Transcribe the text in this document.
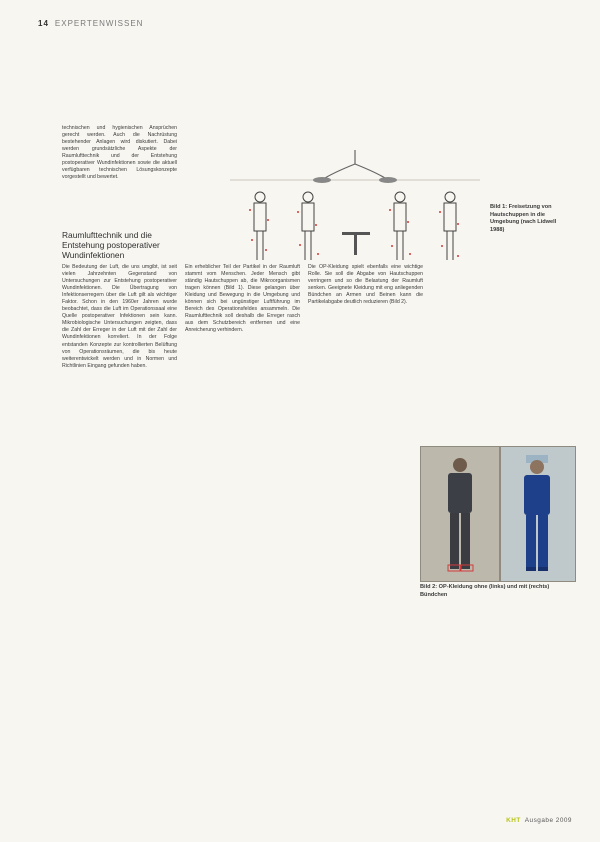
14 EXPERTENWISSEN

technischen und hygienischen Ansprüchen gerecht werden. Auch die Nachrüstung bestehender Anlagen wird diskutiert. Dabei werden grundsätzliche Aspekte der Raumlufttechnik und der Entstehung postoperativer Wundinfektionen sowie die aktuell verfügbaren technischen Lösungskonzepte vorgestellt und bewertet.

Raumlufttechnik und die Entstehung postoperativer Wundinfektionen

Die Bedeutung der Luft, die uns umgibt, ist seit vielen Jahrzehnten Gegenstand von Untersuchungen zur Entstehung postoperativer Wundinfektionen. Die Übertragung von Infektionserregern über die Luft gilt als wichtiger Faktor. Schon in den 1960er Jahren wurde beobachtet, dass die Luft im Operationssaal eine Quelle postoperativer Infektionen sein kann. Mikrobiologische Untersuchungen zeigten, dass die Zahl der Erreger in der Luft mit der Zahl der Wundinfektionen korreliert. In der Folge entstanden Konzepte zur kontrollierten Belüftung von Operationsräumen, die bis heute weiterentwickelt werden und in Normen und Richtlinien Eingang gefunden haben.

Ein erheblicher Teil der Partikel in der Raumluft stammt vom Menschen. Jeder Mensch gibt ständig Hautschuppen ab, die Mikroorganismen tragen können (Bild 1). Diese gelangen über Kleidung und Bewegung in die Umgebung und können sich bei ungünstiger Luftführung im Bereich des Operationsfeldes ansammeln. Die Raumlufttechnik soll deshalb die Erreger rasch aus dem Schutzbereich entfernen und eine Anreicherung verhindern.

Die OP-Kleidung spielt ebenfalls eine wichtige Rolle. Sie soll die Abgabe von Hautschuppen verringern und so die Belastung der Raumluft senken. Geeignete Kleidung mit eng anliegenden Bündchen an Armen und Beinen kann die Partikelabgabe deutlich reduzieren (Bild 2).

Bild 1: Freisetzung von Hautschuppen in die Umgebung (nach Lidwell 1988)
Bild 2: OP-Kleidung ohne (links) und mit (rechts) Bündchen
KHT Ausgabe 2009
